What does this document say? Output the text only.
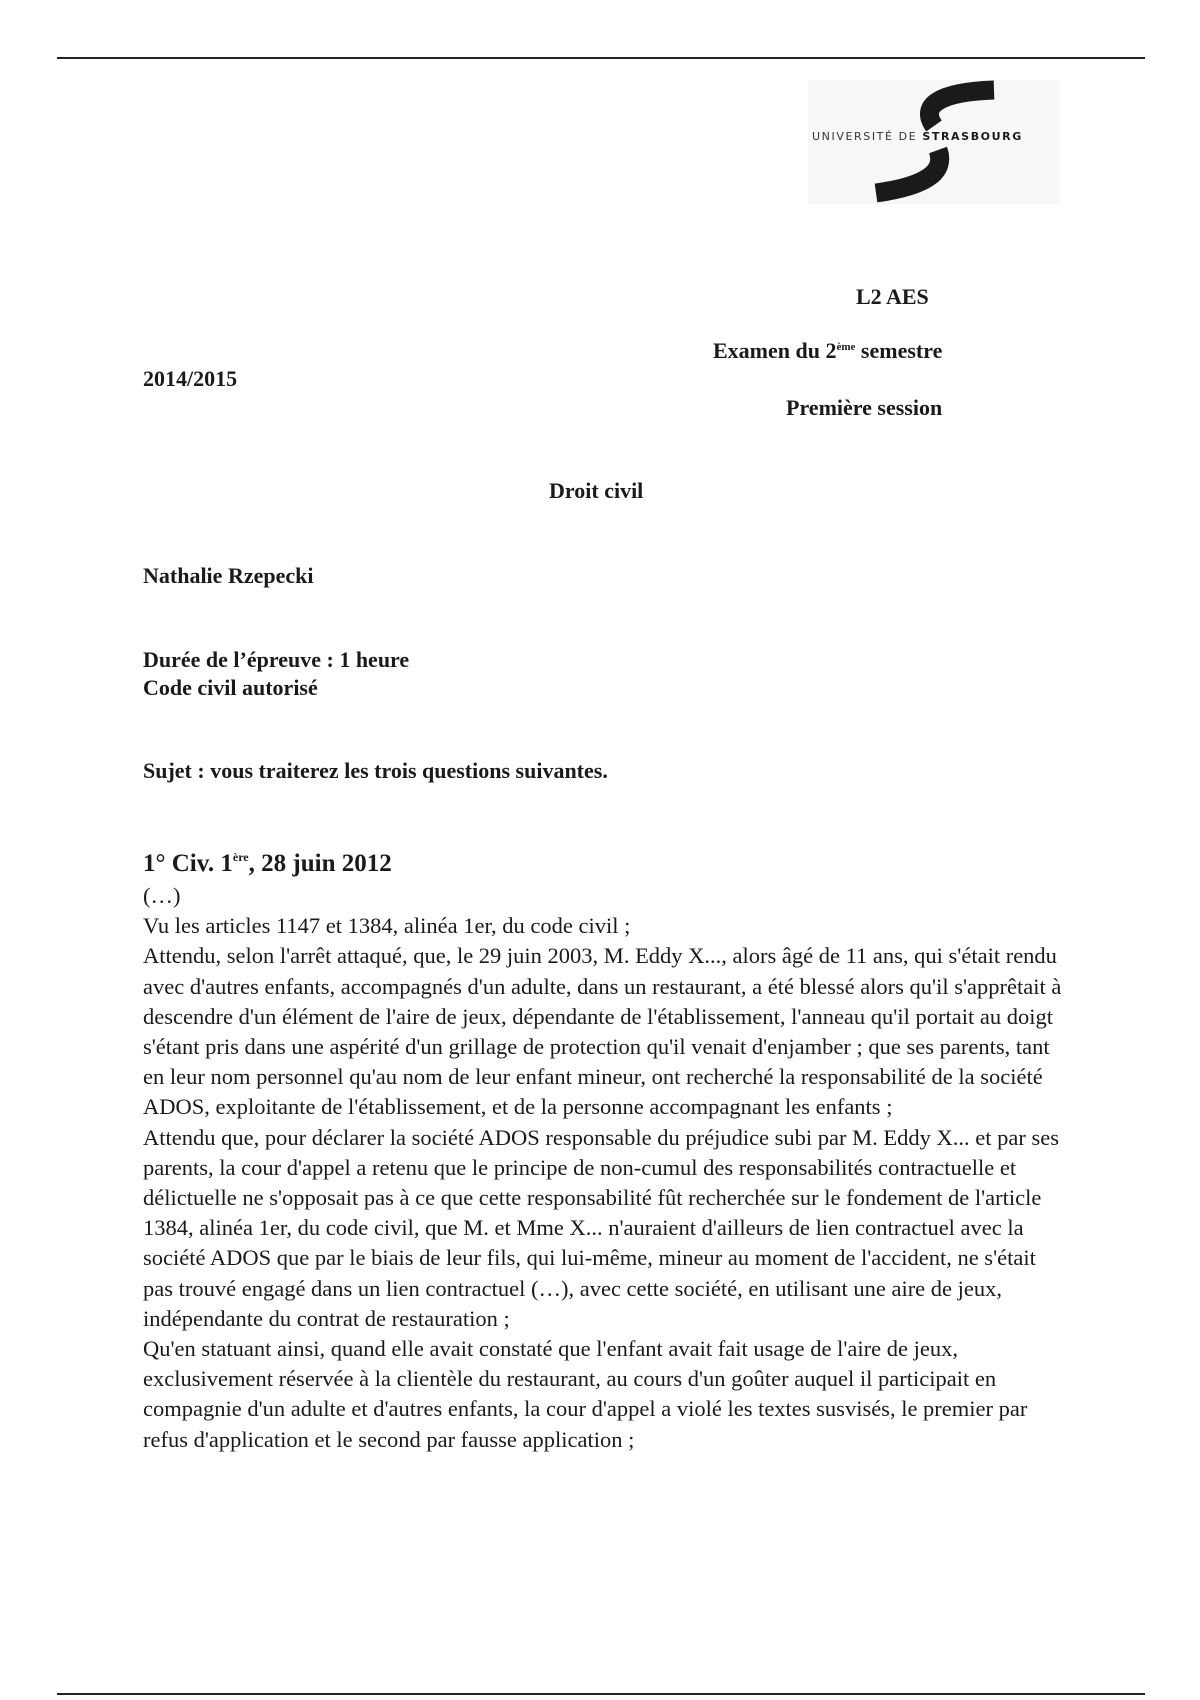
UNIVERSITÉ DE STRASBOURG
L2 AES
Examen du 2ème semestre
2014/2015
Première session
Droit civil
Nathalie Rzepecki
Durée de l’épreuve : 1 heure
Code civil autorisé
Sujet : vous traiterez les trois questions suivantes.
1° Civ. 1ère, 28 juin 2012

(…)

Vu les articles 1147 et 1384, alinéa 1er, du code civil ;

Attendu, selon l'arrêt attaqué, que, le 29 juin 2003, M. Eddy X..., alors âgé de 11 ans, qui s'était rendu avec d'autres enfants, accompagnés d'un adulte, dans un restaurant, a été blessé alors qu'il s'apprêtait à descendre d'un élément de l'aire de jeux, dépendante de l'établissement, l'anneau qu'il portait au doigt s'étant pris dans une aspérité d'un grillage de protection qu'il venait d'enjamber ; que ses parents, tant en leur nom personnel qu'au nom de leur enfant mineur, ont recherché la responsabilité de la société ADOS, exploitante de l'établissement, et de la personne accompagnant les enfants ;

Attendu que, pour déclarer la société ADOS responsable du préjudice subi par M. Eddy X... et par ses parents, la cour d'appel a retenu que le principe de non-cumul des responsabilités contractuelle et délictuelle ne s'opposait pas à ce que cette responsabilité fût recherchée sur le fondement de l'article 1384, alinéa 1er, du code civil, que M. et Mme X... n'auraient d'ailleurs de lien contractuel avec la société ADOS que par le biais de leur fils, qui lui-même, mineur au moment de l'accident, ne s'était pas trouvé engagé dans un lien contractuel (…), avec cette société, en utilisant une aire de jeux, indépendante du contrat de restauration ;

Qu'en statuant ainsi, quand elle avait constaté que l'enfant avait fait usage de l'aire de jeux, exclusivement réservée à la clientèle du restaurant, au cours d'un goûter auquel il participait en compagnie d'un adulte et d'autres enfants, la cour d'appel a violé les textes susvisés, le premier par refus d'application et le second par fausse application ;
